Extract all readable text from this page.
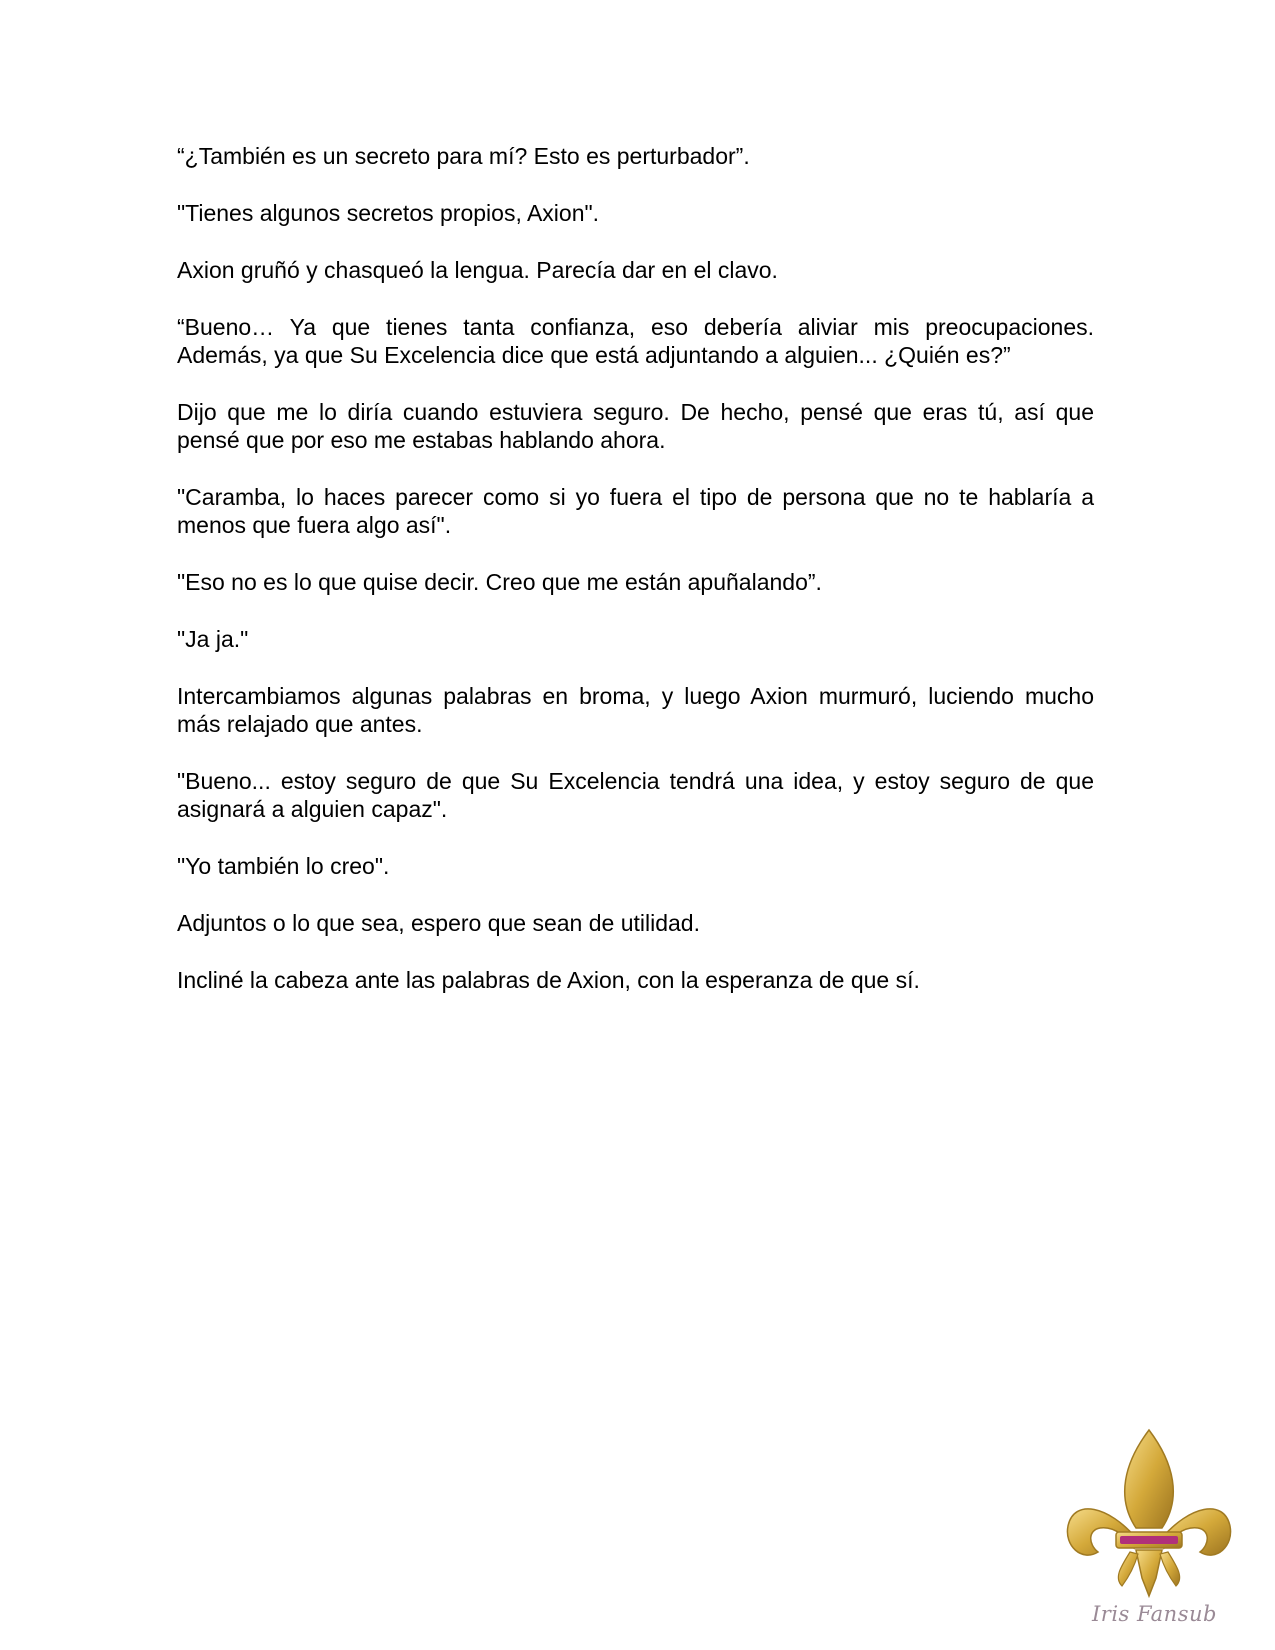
“¿También es un secreto para mí? Esto es perturbador”.

"Tienes algunos secretos propios, Axion".

Axion gruñó y chasqueó la lengua. Parecía dar en el clavo.

“Bueno… Ya que tienes tanta confianza, eso debería aliviar mis preocupaciones. Además, ya que Su Excelencia dice que está adjuntando a alguien... ¿Quién es?”

Dijo que me lo diría cuando estuviera seguro. De hecho, pensé que eras tú, así que pensé que por eso me estabas hablando ahora.

"Caramba, lo haces parecer como si yo fuera el tipo de persona que no te hablaría a menos que fuera algo así".

"Eso no es lo que quise decir. Creo que me están apuñalando”.

"Ja ja."

Intercambiamos algunas palabras en broma, y luego Axion murmuró, luciendo mucho más relajado que antes.

"Bueno... estoy seguro de que Su Excelencia tendrá una idea, y estoy seguro de que asignará a alguien capaz".

"Yo también lo creo".

Adjuntos o lo que sea, espero que sean de utilidad.

Incliné la cabeza ante las palabras de Axion, con la esperanza de que sí.

Iris Fansub
